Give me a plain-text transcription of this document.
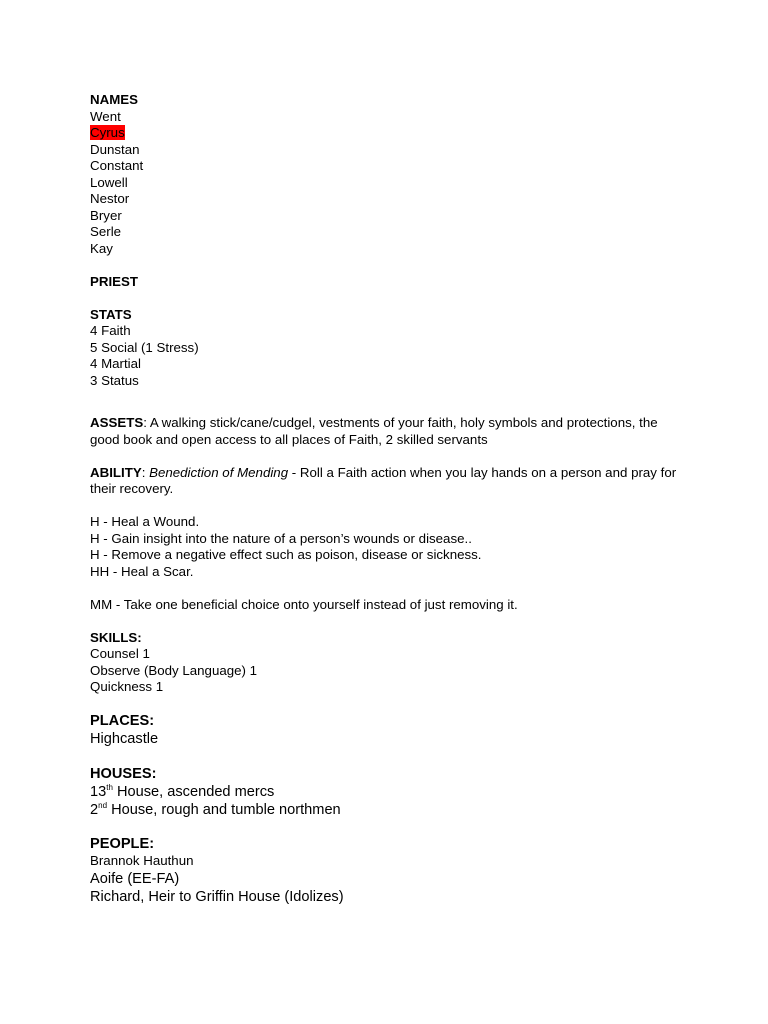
NAMES
Went
Cyrus
Dunstan
Constant
Lowell
Nestor
Bryer
Serle
Kay
PRIEST
STATS
4 Faith
5 Social (1 Stress)
4 Martial
3 Status
ASSETS: A walking stick/cane/cudgel, vestments of your faith, holy symbols and protections, the good book and open access to all places of Faith, 2 skilled servants
ABILITY: Benediction of Mending - Roll a Faith action when you lay hands on a person and pray for their recovery.
H - Heal a Wound.
H - Gain insight into the nature of a person’s wounds or disease..
H - Remove a negative effect such as poison, disease or sickness.
HH - Heal a Scar.
MM - Take one beneficial choice onto yourself instead of just removing it.
SKILLS:
Counsel 1
Observe (Body Language) 1
Quickness 1
PLACES:
Highcastle
HOUSES:
13th House, ascended mercs
2nd House, rough and tumble northmen
PEOPLE:
Brannok Hauthun
Aoife (EE-FA)
Richard, Heir to Griffin House (Idolizes)
